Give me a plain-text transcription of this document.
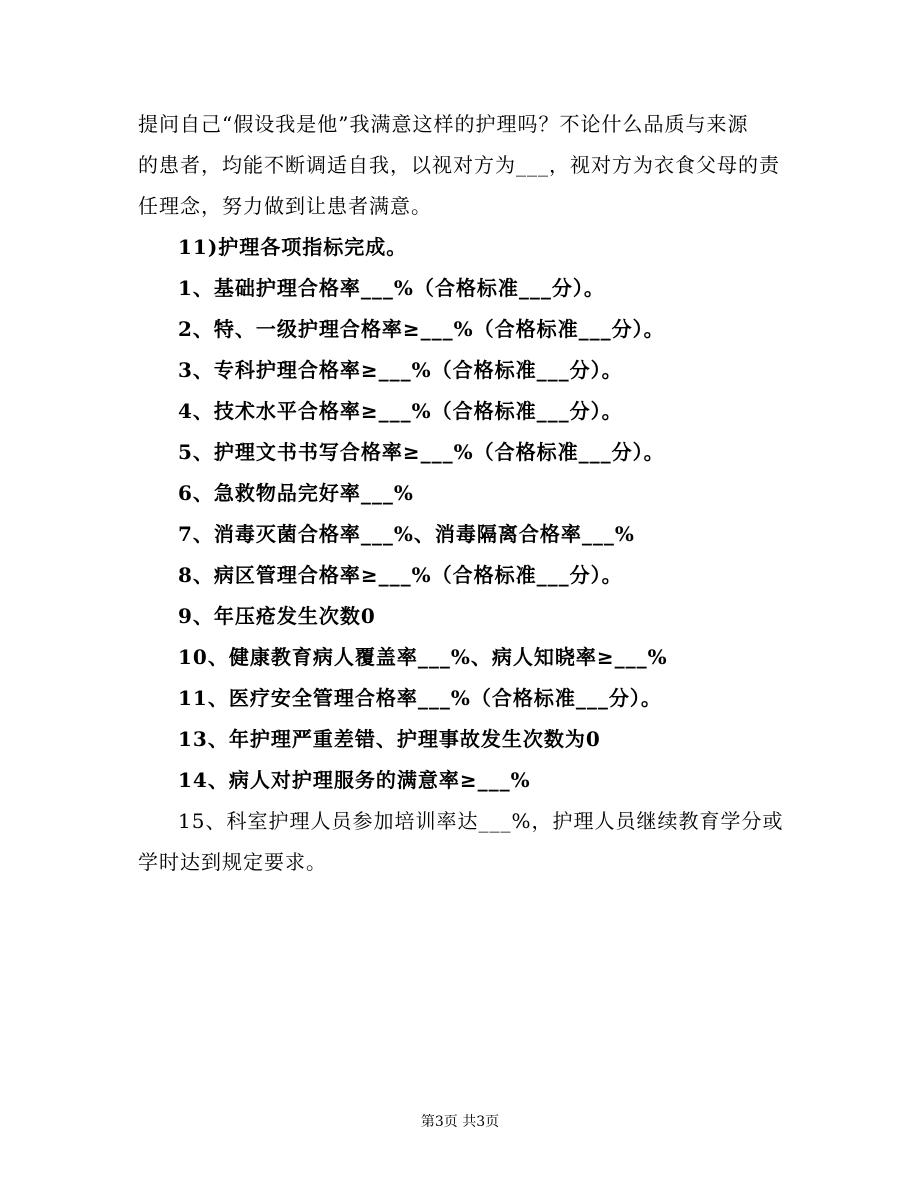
提问自己“假设我是他”我满意这样的护理吗？不论什么品质与来源
的患者，均能不断调适自我，以视对方为___，视对方为衣食父母的责
任理念，努力做到让患者满意。
11)护理各项指标完成。
1、基础护理合格率___%（合格标准___分）。
2、特、一级护理合格率≥___%（合格标准___分）。
3、专科护理合格率≥___%（合格标准___分）。
4、技术水平合格率≥___%（合格标准___分）。
5、护理文书书写合格率≥___%（合格标准___分）。
6、急救物品完好率___%
7、消毒灭菌合格率___%、消毒隔离合格率___%
8、病区管理合格率≥___%（合格标准___分）。
9、年压疮发生次数0
10、健康教育病人覆盖率___%、病人知晓率≥___%
11、医疗安全管理合格率___%（合格标准___分）。
13、年护理严重差错、护理事故发生次数为0
14、病人对护理服务的满意率≥___%
15、科室护理人员参加培训率达___%，护理人员继续教育学分或
学时达到规定要求。
第3页 共3页
